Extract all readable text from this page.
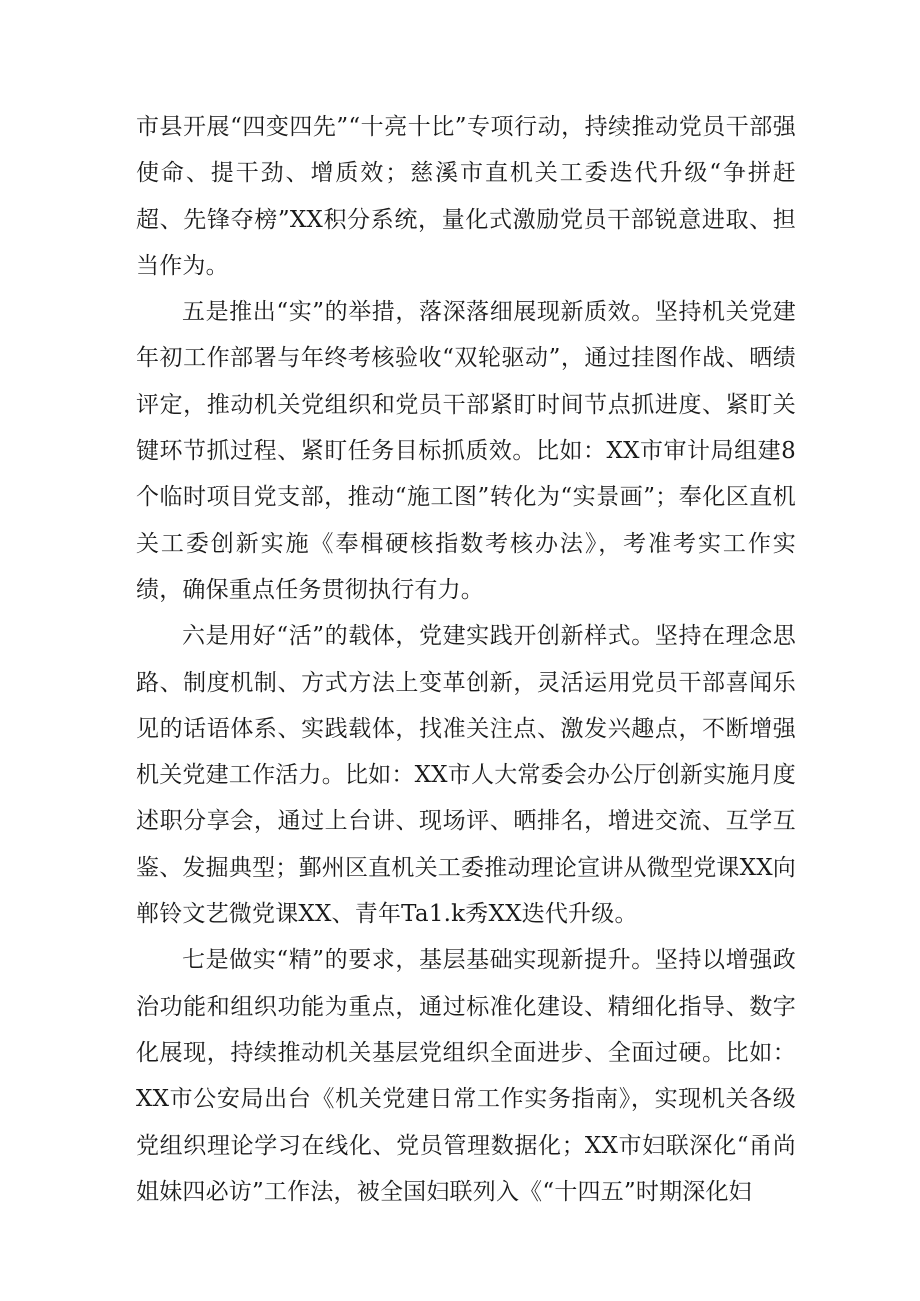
市县开展“四变四先”“十亮十比”专项行动，持续推动党员干部强使命、提干劲、增质效；慈溪市直机关工委迭代升级“争拼赶超、先锋夺榜”XX积分系统，量化式激励党员干部锐意进取、担当作为。

五是推出“实”的举措，落深落细展现新质效。坚持机关党建年初工作部署与年终考核验收“双轮驱动”，通过挂图作战、晒绩评定，推动机关党组织和党员干部紧盯时间节点抓进度、紧盯关键环节抓过程、紧盯任务目标抓质效。比如：XX市审计局组建8个临时项目党支部，推动“施工图”转化为“实景画”；奉化区直机关工委创新实施《奉楫硬核指数考核办法》，考准考实工作实绩，确保重点任务贯彻执行有力。

六是用好“活”的载体，党建实践开创新样式。坚持在理念思路、制度机制、方式方法上变革创新，灵活运用党员干部喜闻乐见的话语体系、实践载体，找准关注点、激发兴趣点，不断增强机关党建工作活力。比如：XX市人大常委会办公厅创新实施月度述职分享会，通过上台讲、现场评、晒排名，增进交流、互学互鉴、发掘典型；鄞州区直机关工委推动理论宣讲从微型党课XX向郸铃文艺微党课XX、青年Ta1.k秀XX迭代升级。

七是做实“精”的要求，基层基础实现新提升。坚持以增强政治功能和组织功能为重点，通过标准化建设、精细化指导、数字化展现，持续推动机关基层党组织全面进步、全面过硬。比如：XX市公安局出台《机关党建日常工作实务指南》，实现机关各级党组织理论学习在线化、党员管理数据化；XX市妇联深化“甬尚姐妹四必访”工作法，被全国妇联列入《“十四五”时期深化妇
